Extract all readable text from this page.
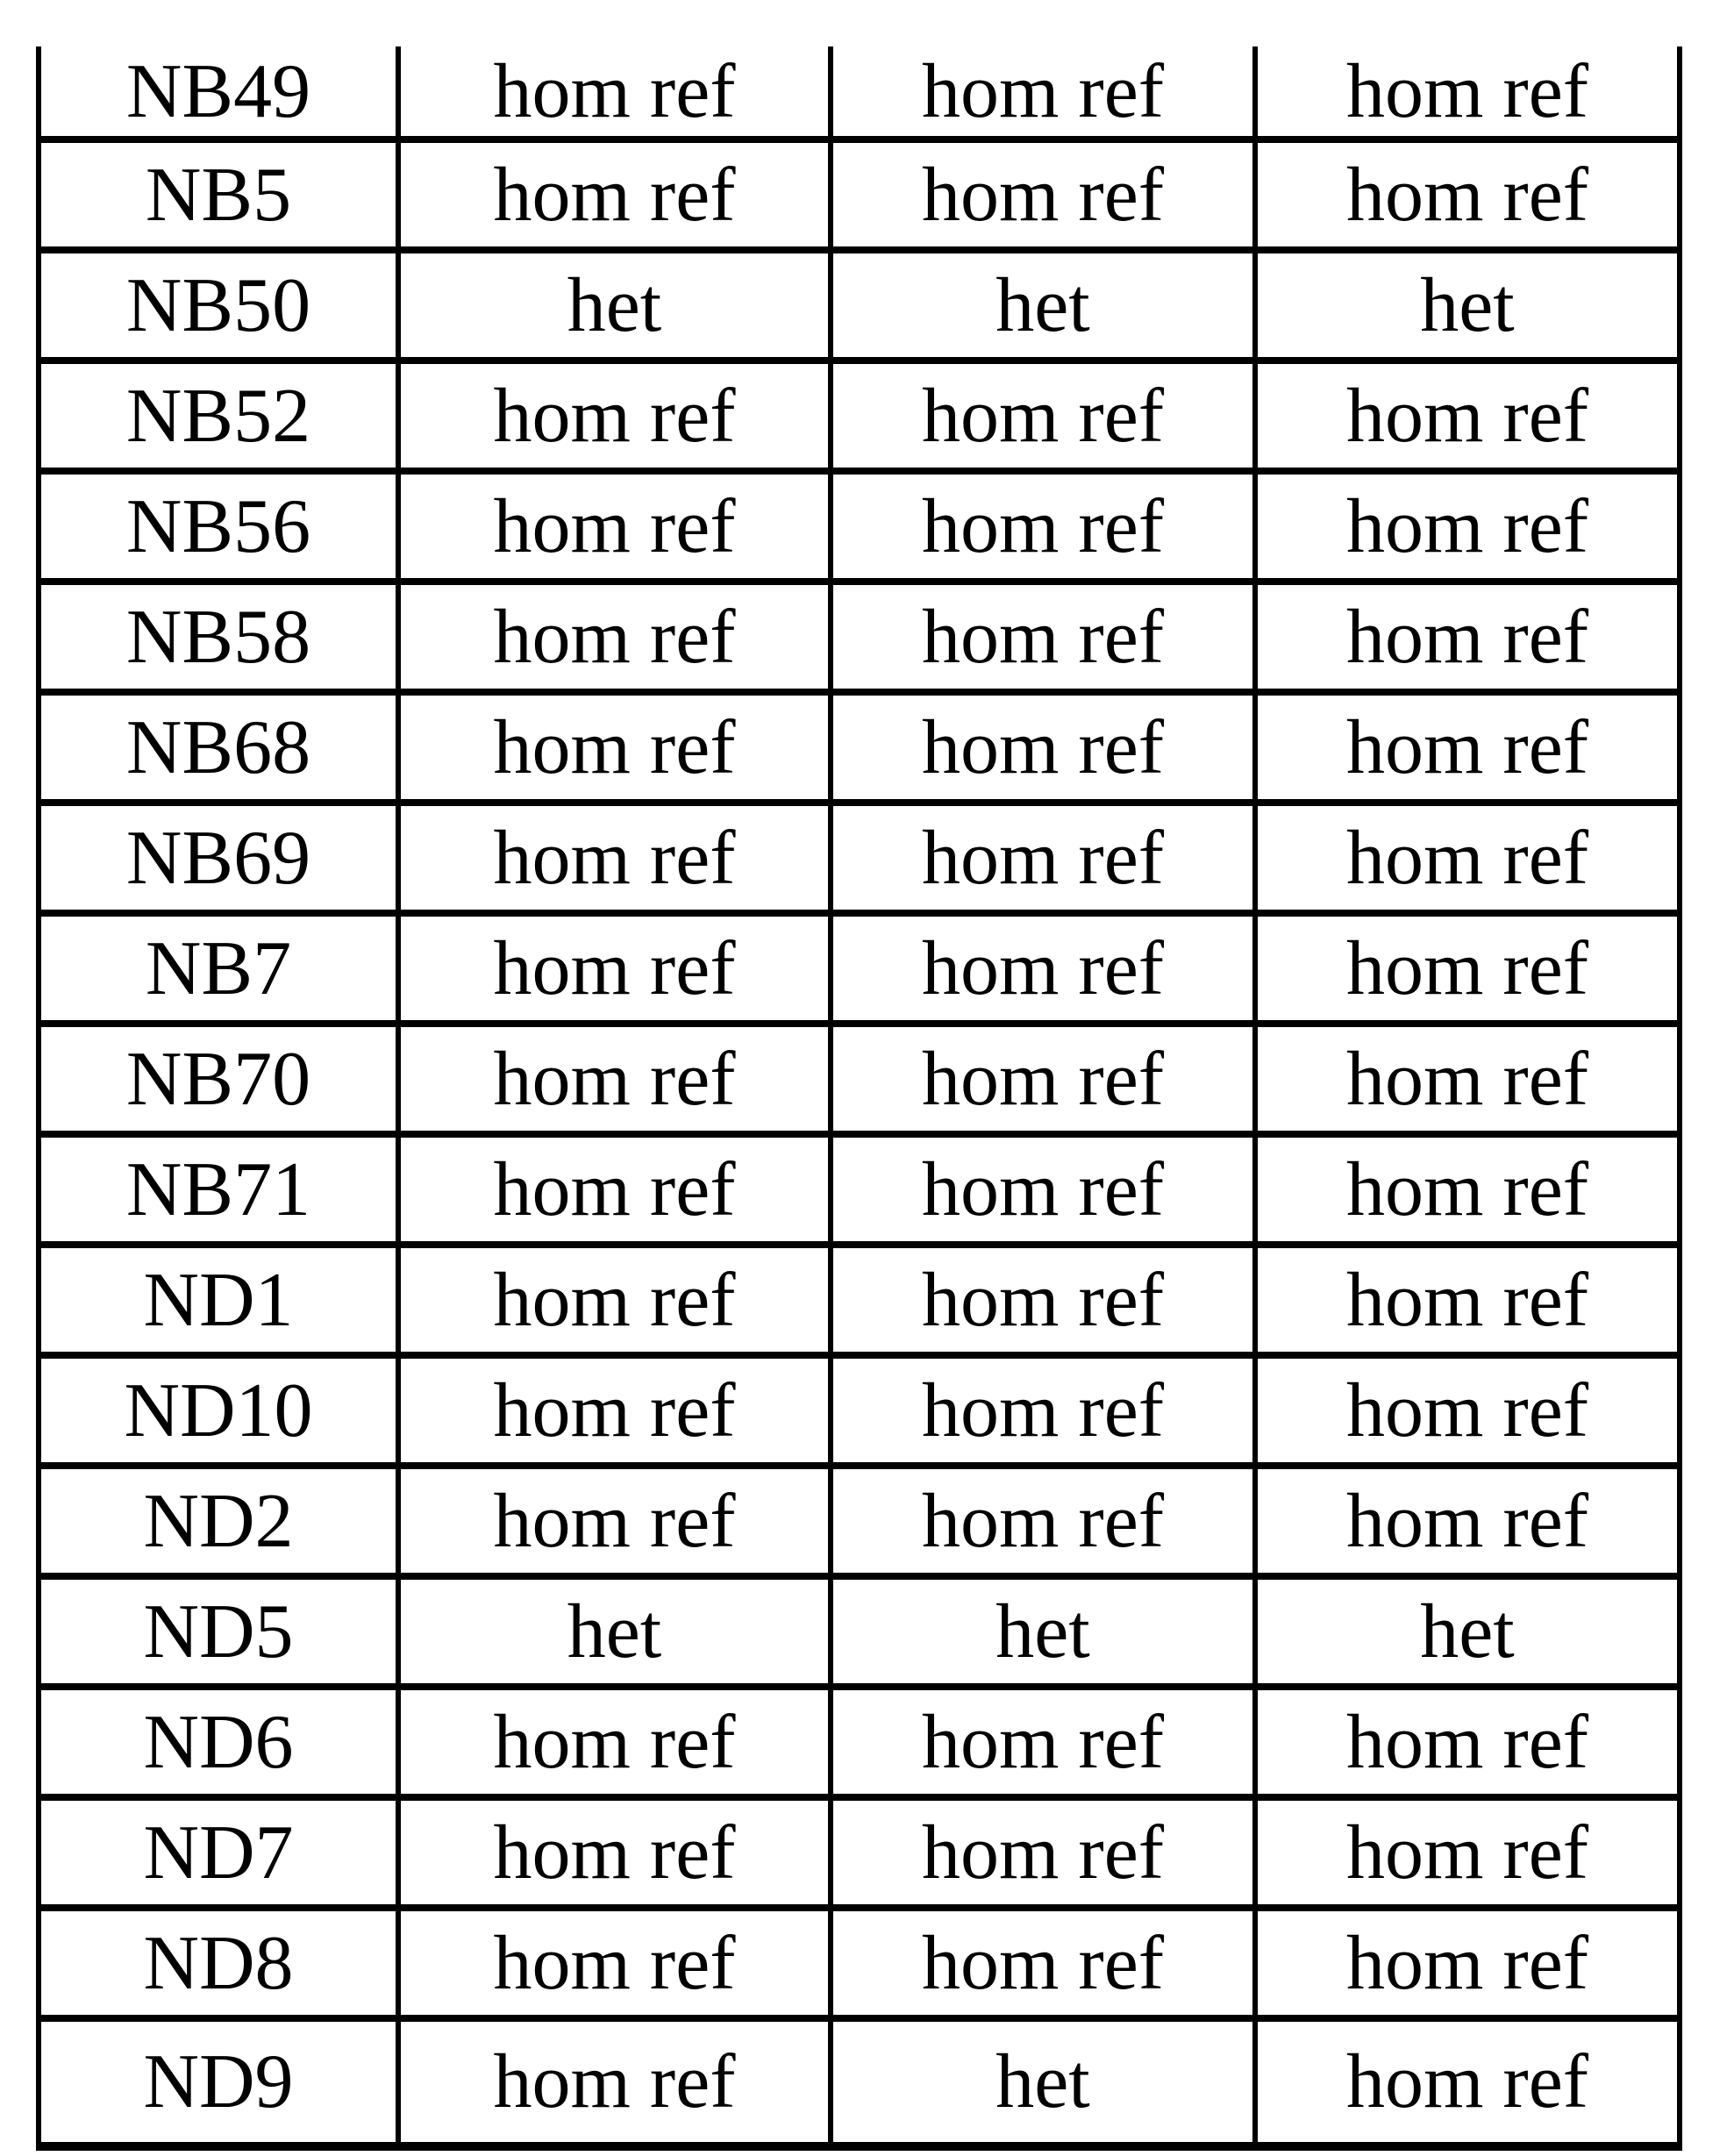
NB49	hom ref	hom ref	hom ref
NB5	hom ref	hom ref	hom ref
NB50	het	het	het
NB52	hom ref	hom ref	hom ref
NB56	hom ref	hom ref	hom ref
NB58	hom ref	hom ref	hom ref
NB68	hom ref	hom ref	hom ref
NB69	hom ref	hom ref	hom ref
NB7	hom ref	hom ref	hom ref
NB70	hom ref	hom ref	hom ref
NB71	hom ref	hom ref	hom ref
ND1	hom ref	hom ref	hom ref
ND10	hom ref	hom ref	hom ref
ND2	hom ref	hom ref	hom ref
ND5	het	het	het
ND6	hom ref	hom ref	hom ref
ND7	hom ref	hom ref	hom ref
ND8	hom ref	hom ref	hom ref
ND9	hom ref	het	hom ref
